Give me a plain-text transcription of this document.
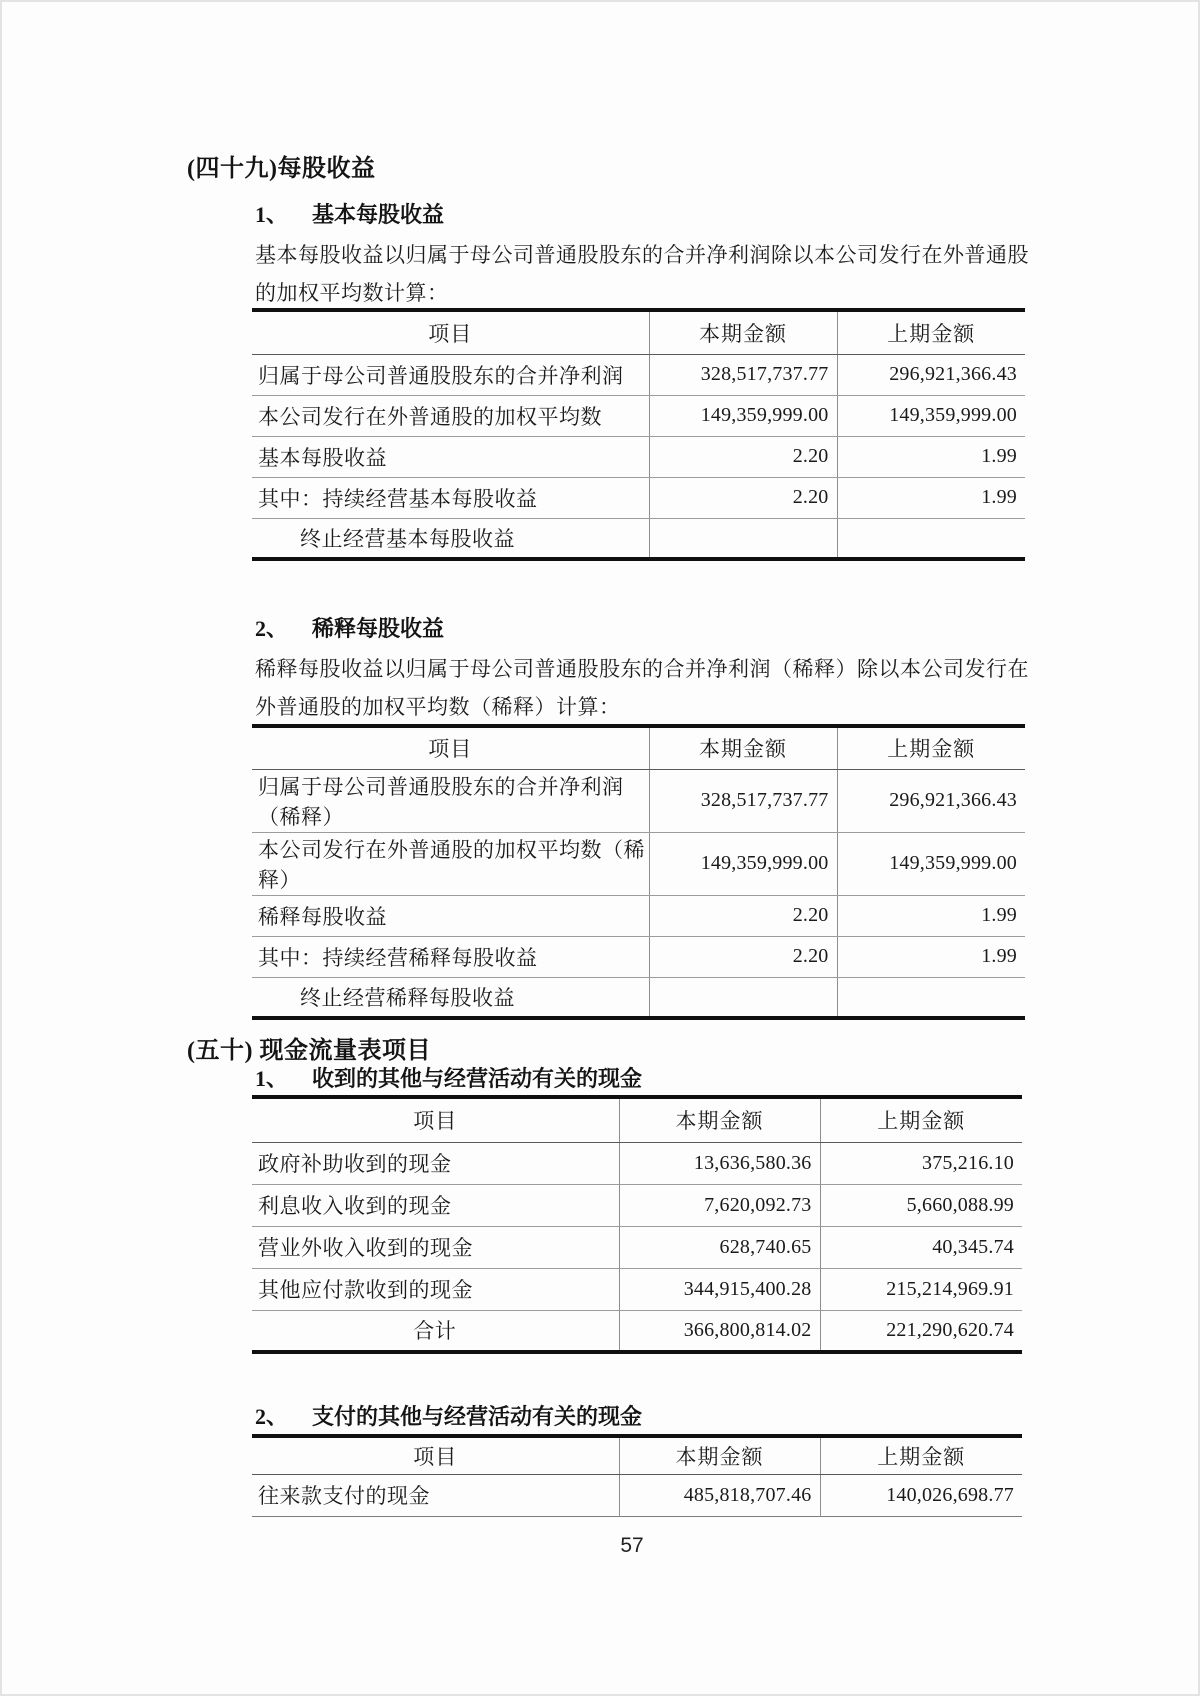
(四十九)每股收益
1、 基本每股收益
基本每股收益以归属于母公司普通股股东的合并净利润除以本公司发行在外普通股
的加权平均数计算：
项目	本期金额	上期金额
归属于母公司普通股股东的合并净利润	328,517,737.77	296,921,366.43
本公司发行在外普通股的加权平均数	149,359,999.00	149,359,999.00
基本每股收益	2.20	1.99
其中：持续经营基本每股收益	2.20	1.99
终止经营基本每股收益		
2、 稀释每股收益
稀释每股收益以归属于母公司普通股股东的合并净利润（稀释）除以本公司发行在
外普通股的加权平均数（稀释）计算：
项目	本期金额	上期金额
归属于母公司普通股股东的合并净利润（稀释）	328,517,737.77	296,921,366.43
本公司发行在外普通股的加权平均数（稀释）	149,359,999.00	149,359,999.00
稀释每股收益	2.20	1.99
其中：持续经营稀释每股收益	2.20	1.99
终止经营稀释每股收益		
(五十) 现金流量表项目
1、 收到的其他与经营活动有关的现金
项目	本期金额	上期金额
政府补助收到的现金	13,636,580.36	375,216.10
利息收入收到的现金	7,620,092.73	5,660,088.99
营业外收入收到的现金	628,740.65	40,345.74
其他应付款收到的现金	344,915,400.28	215,214,969.91
合计	366,800,814.02	221,290,620.74
2、 支付的其他与经营活动有关的现金
项目	本期金额	上期金额
往来款支付的现金	485,818,707.46	140,026,698.77
57
